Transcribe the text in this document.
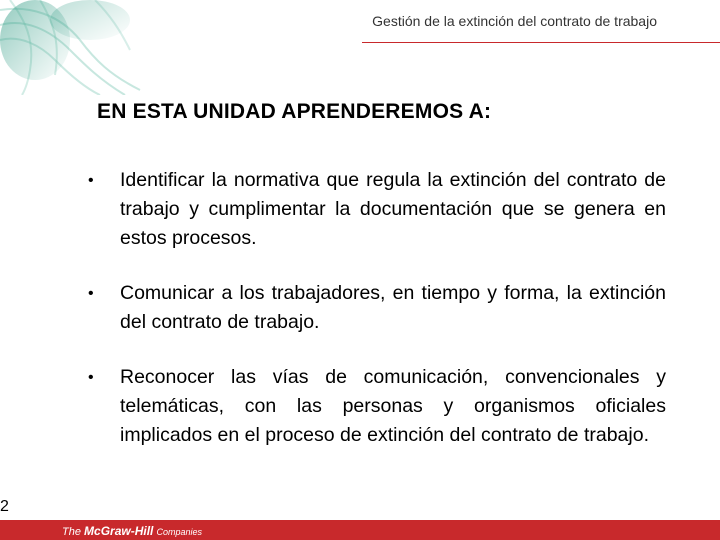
Gestión de la extinción del contrato de trabajo
EN ESTA UNIDAD APRENDEREMOS A:
•	Identificar la normativa que regula la extinción del contrato de trabajo y cumplimentar la documentación que se genera en estos procesos.
•	Comunicar a los trabajadores, en tiempo y forma, la extinción del contrato de trabajo.
•	Reconocer las vías de comunicación, convencionales y telemáticas, con las personas y organismos oficiales implicados en el proceso de extinción del contrato de trabajo.
2
The McGraw-Hill Companies
